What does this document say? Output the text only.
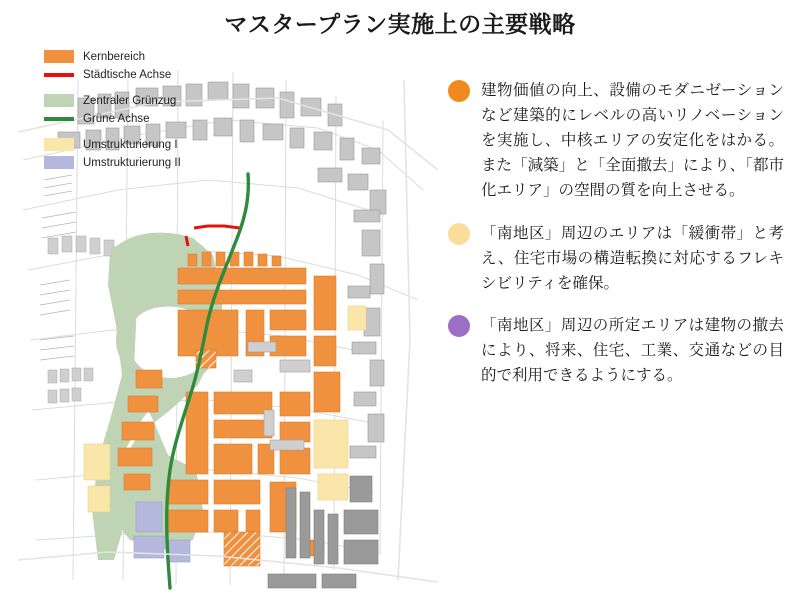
マスタープラン実施上の主要戦略
Kernbereich
Städtische Achse
Zentraler Grünzug
Grüne Achse
Umstrukturierung I
Umstrukturierung II
建物価値の向上、設備のモダニゼーションなど建築的にレベルの高いリノベーションを実施し、中核エリアの安定化をはかる。また「減築」と「全面撤去」により、「都市化エリア」の空間の質を向上させる。
「南地区」周辺のエリアは「緩衝帯」と考え、住宅市場の構造転換に対応するフレキシビリティを確保。
「南地区」周辺の所定エリアは建物の撤去により、将来、住宅、工業、交通などの目的で利用できるようにする。
